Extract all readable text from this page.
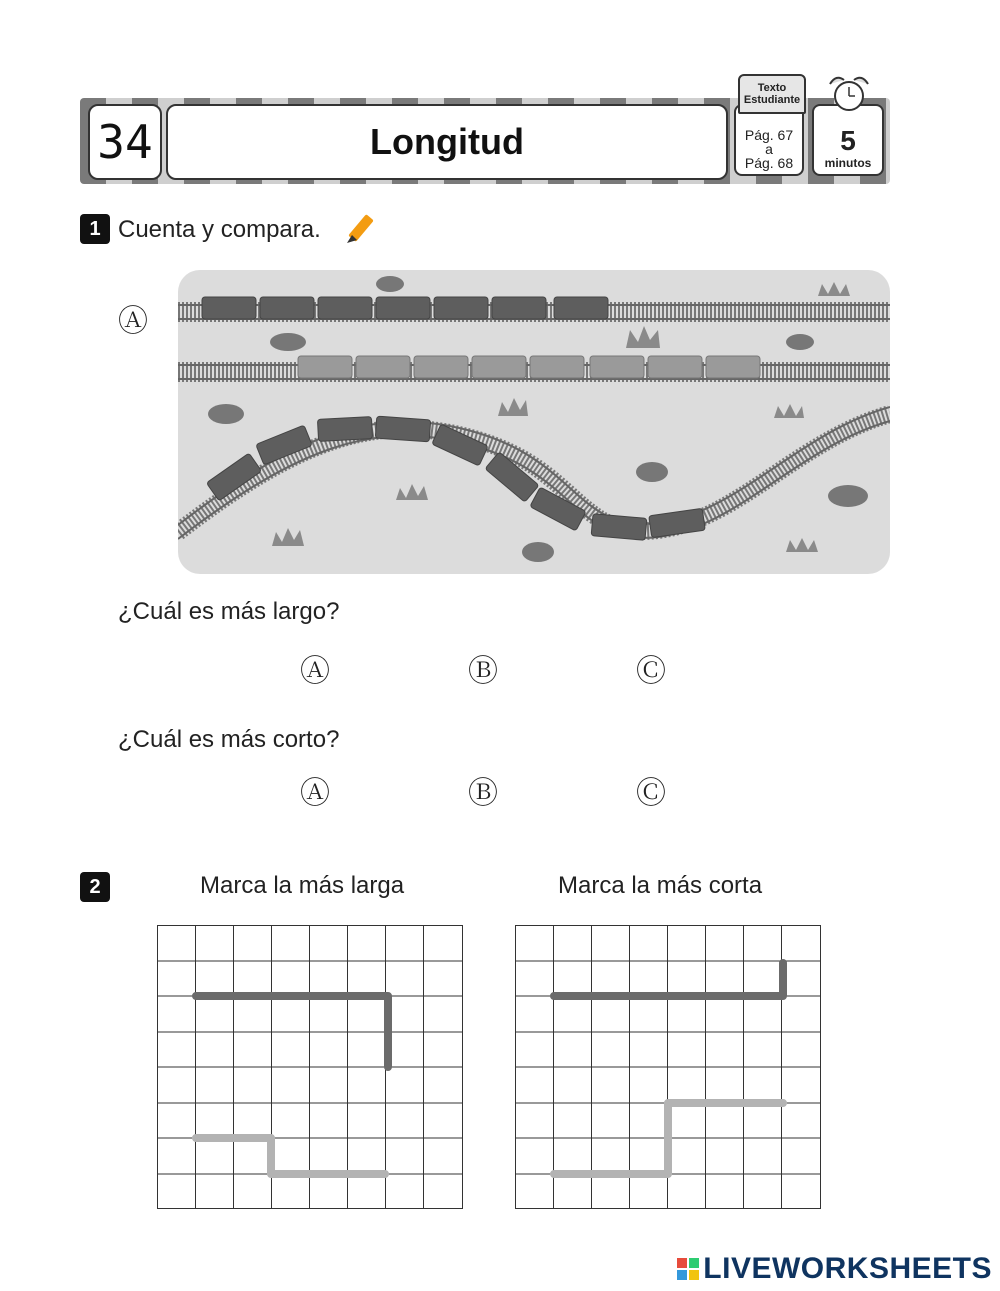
34	Longitud	Pág. 67
a
Pág. 68
Texto
Estudiante
5
minutos
1 Cuenta y compara.
Ⓐ
¿Cuál es más largo?
Ⓐ	Ⓑ	Ⓒ
¿Cuál es más corto?
Ⓐ	Ⓑ	Ⓒ
2	Marca la más larga	Marca la más corta
LIVEWORKSHEETS
